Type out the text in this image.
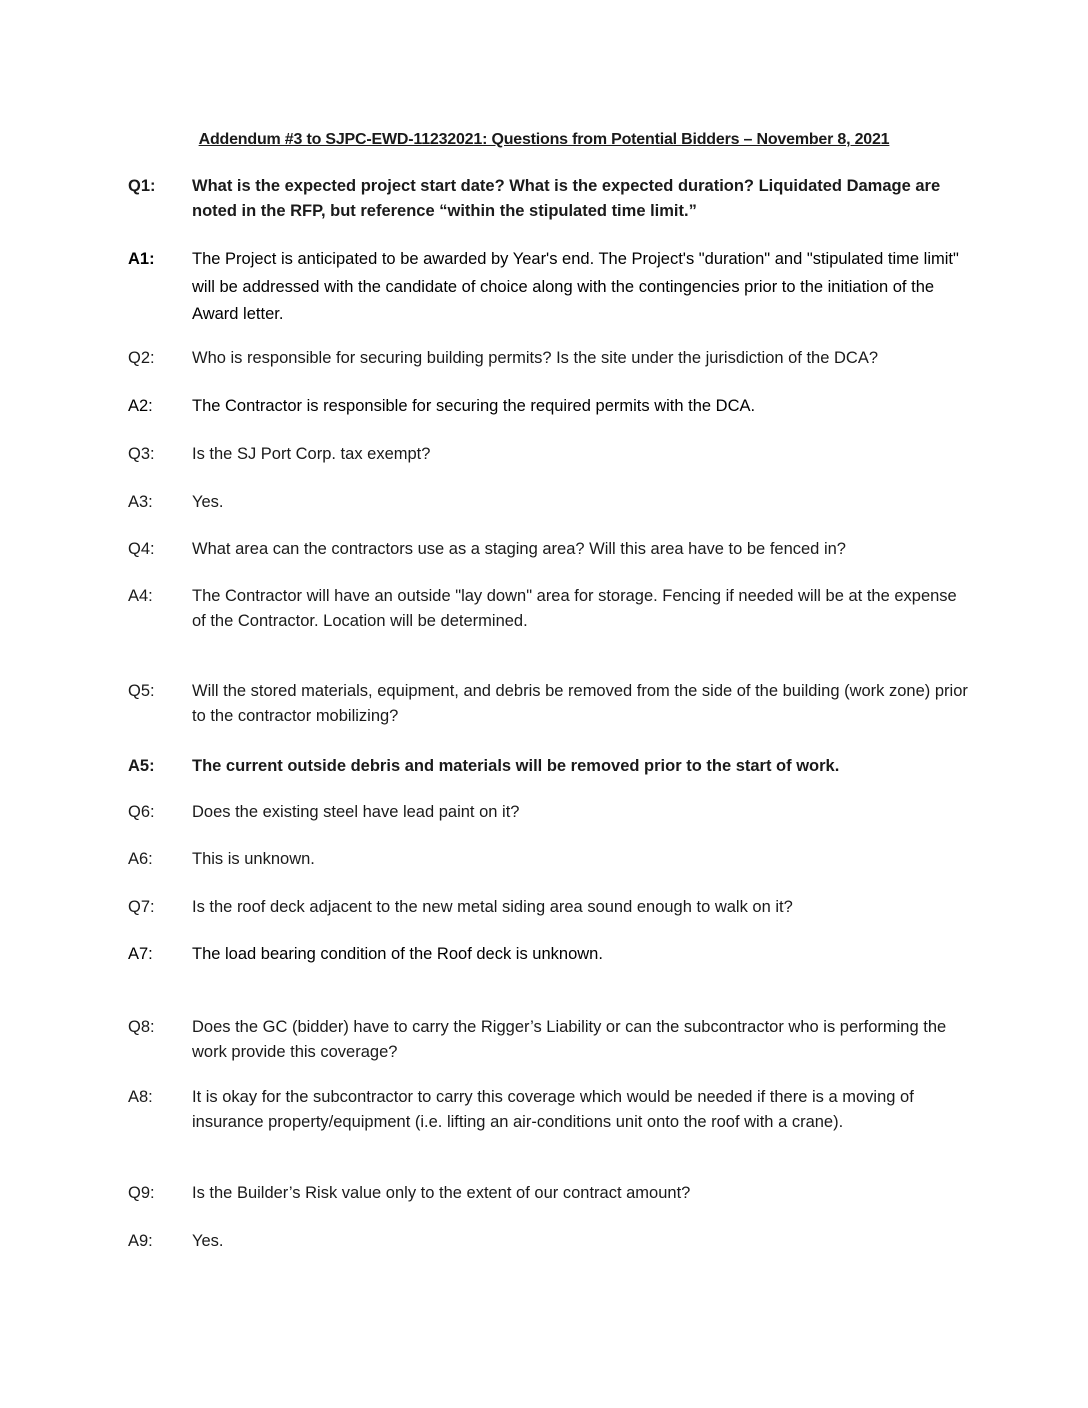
Addendum #3 to SJPC-EWD-11232021: Questions from Potential Bidders – November 8, 2021
Q1:	What is the expected project start date? What is the expected duration? Liquidated Damage are noted in the RFP, but reference “within the stipulated time limit.”
A1:	The Project is anticipated to be awarded by Year's end. The Project's "duration" and "stipulated time limit" will be addressed with the candidate of choice along with the contingencies prior to the initiation of the Award letter.
Q2:	Who is responsible for securing building permits? Is the site under the jurisdiction of the DCA?
A2:	The Contractor is responsible for securing the required permits with the DCA.
Q3:	Is the SJ Port Corp. tax exempt?
A3:	Yes.
Q4:	What area can the contractors use as a staging area? Will this area have to be fenced in?
A4:	The Contractor will have an outside "lay down" area for storage. Fencing if needed will be at the expense of the Contractor. Location will be determined.
Q5:	Will the stored materials, equipment, and debris be removed from the side of the building (work zone) prior to the contractor mobilizing?
A5:	The current outside debris and materials will be removed prior to the start of work.
Q6:	Does the existing steel have lead paint on it?
A6:	This is unknown.
Q7:	Is the roof deck adjacent to the new metal siding area sound enough to walk on it?
A7:	The load bearing condition of the Roof deck is unknown.
Q8:	Does the GC (bidder) have to carry the Rigger’s Liability or can the subcontractor who is performing the work provide this coverage?
A8:	It is okay for the subcontractor to carry this coverage which would be needed if there is a moving of insurance property/equipment (i.e. lifting an air-conditions unit onto the roof with a crane).
Q9:	Is the Builder’s Risk value only to the extent of our contract amount?
A9:	Yes.
